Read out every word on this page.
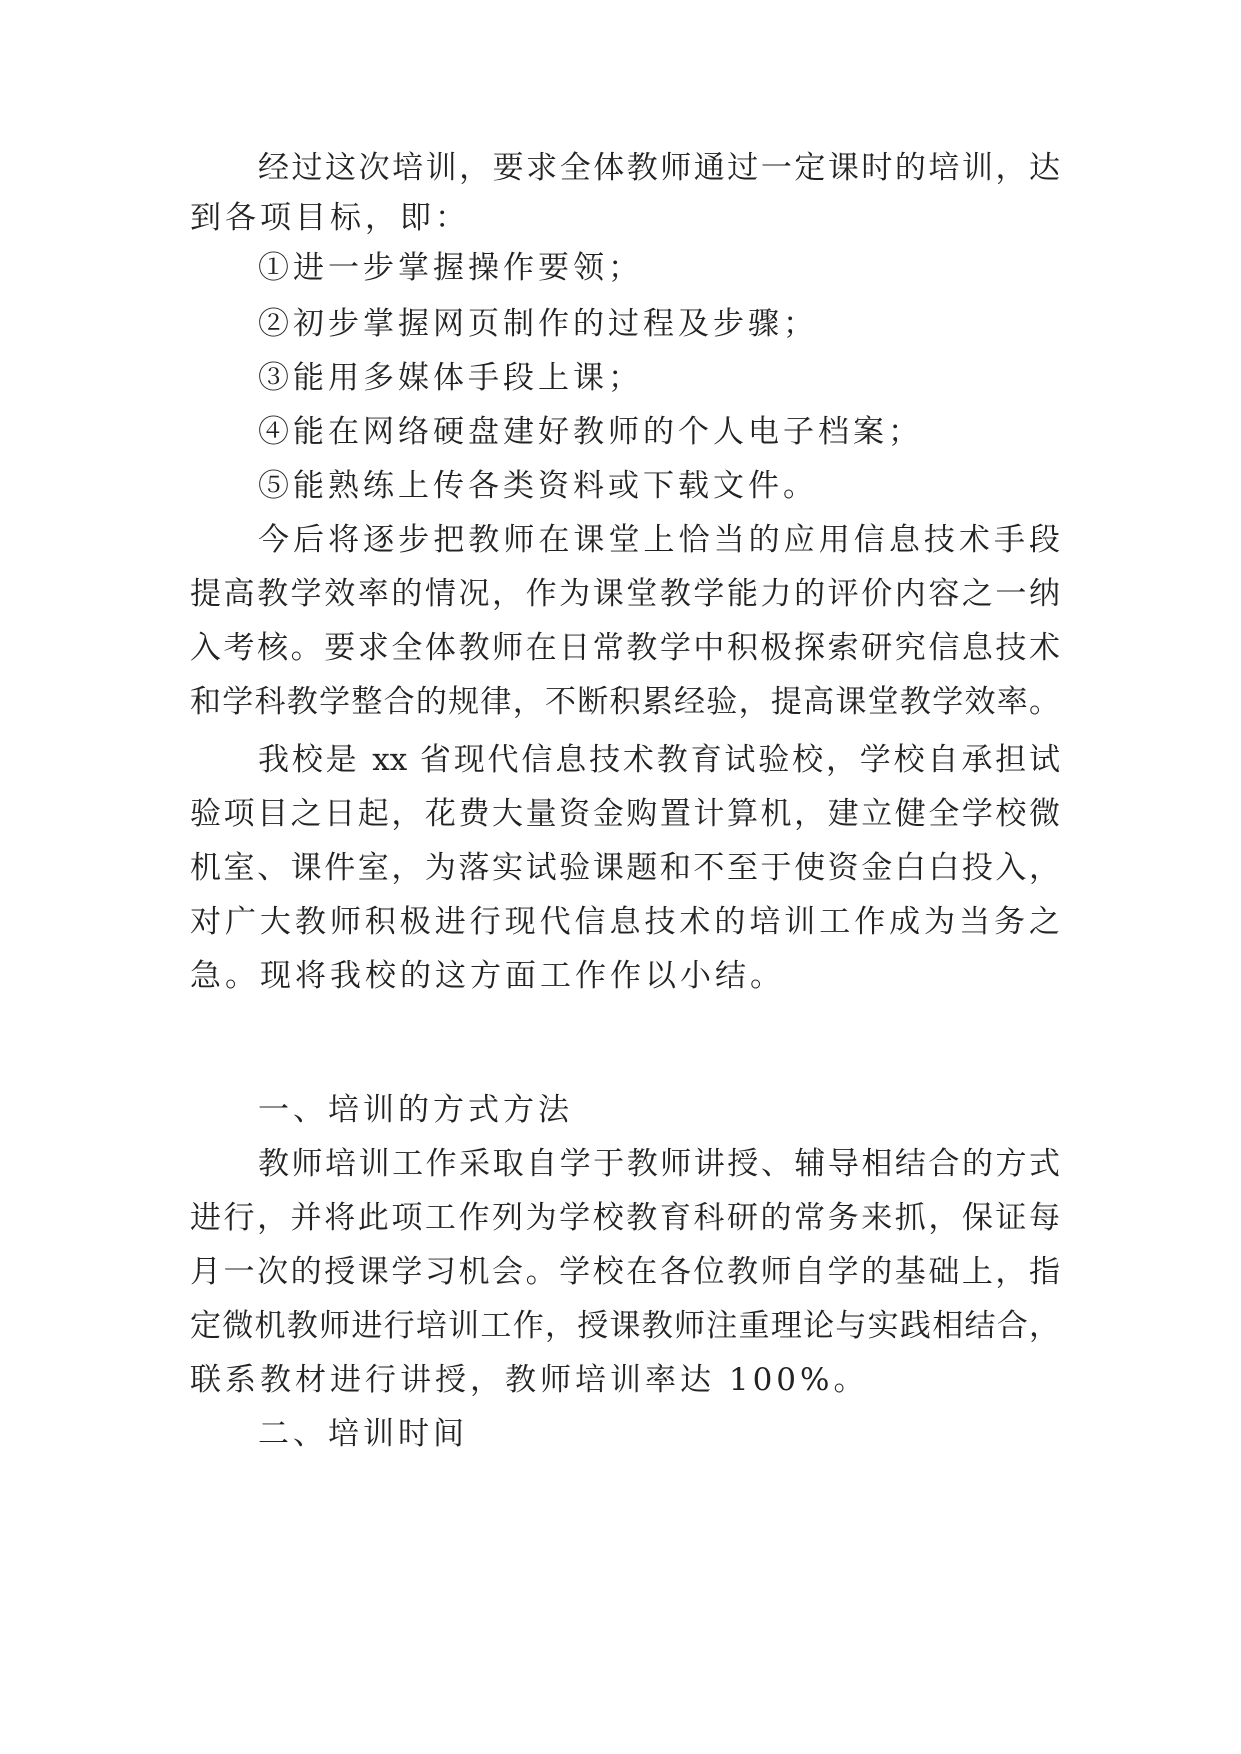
经过这次培训，要求全体教师通过一定课时的培训，达
到各项目标，即：
①进一步掌握操作要领；
②初步掌握网页制作的过程及步骤；
③能用多媒体手段上课；
④能在网络硬盘建好教师的个人电子档案；
⑤能熟练上传各类资料或下载文件。
今后将逐步把教师在课堂上恰当的应用信息技术手段
提高教学效率的情况，作为课堂教学能力的评价内容之一纳
入考核。要求全体教师在日常教学中积极探索研究信息技术
和学科教学整合的规律，不断积累经验，提高课堂教学效率。
我校是 xx 省现代信息技术教育试验校，学校自承担试
验项目之日起，花费大量资金购置计算机，建立健全学校微
机室、课件室，为落实试验课题和不至于使资金白白投入，
对广大教师积极进行现代信息技术的培训工作成为当务之
急。现将我校的这方面工作作以小结。
一、培训的方式方法
教师培训工作采取自学于教师讲授、辅导相结合的方式
进行，并将此项工作列为学校教育科研的常务来抓，保证每
月一次的授课学习机会。学校在各位教师自学的基础上，指
定微机教师进行培训工作，授课教师注重理论与实践相结合，
联系教材进行讲授，教师培训率达 100%。
二、培训时间
